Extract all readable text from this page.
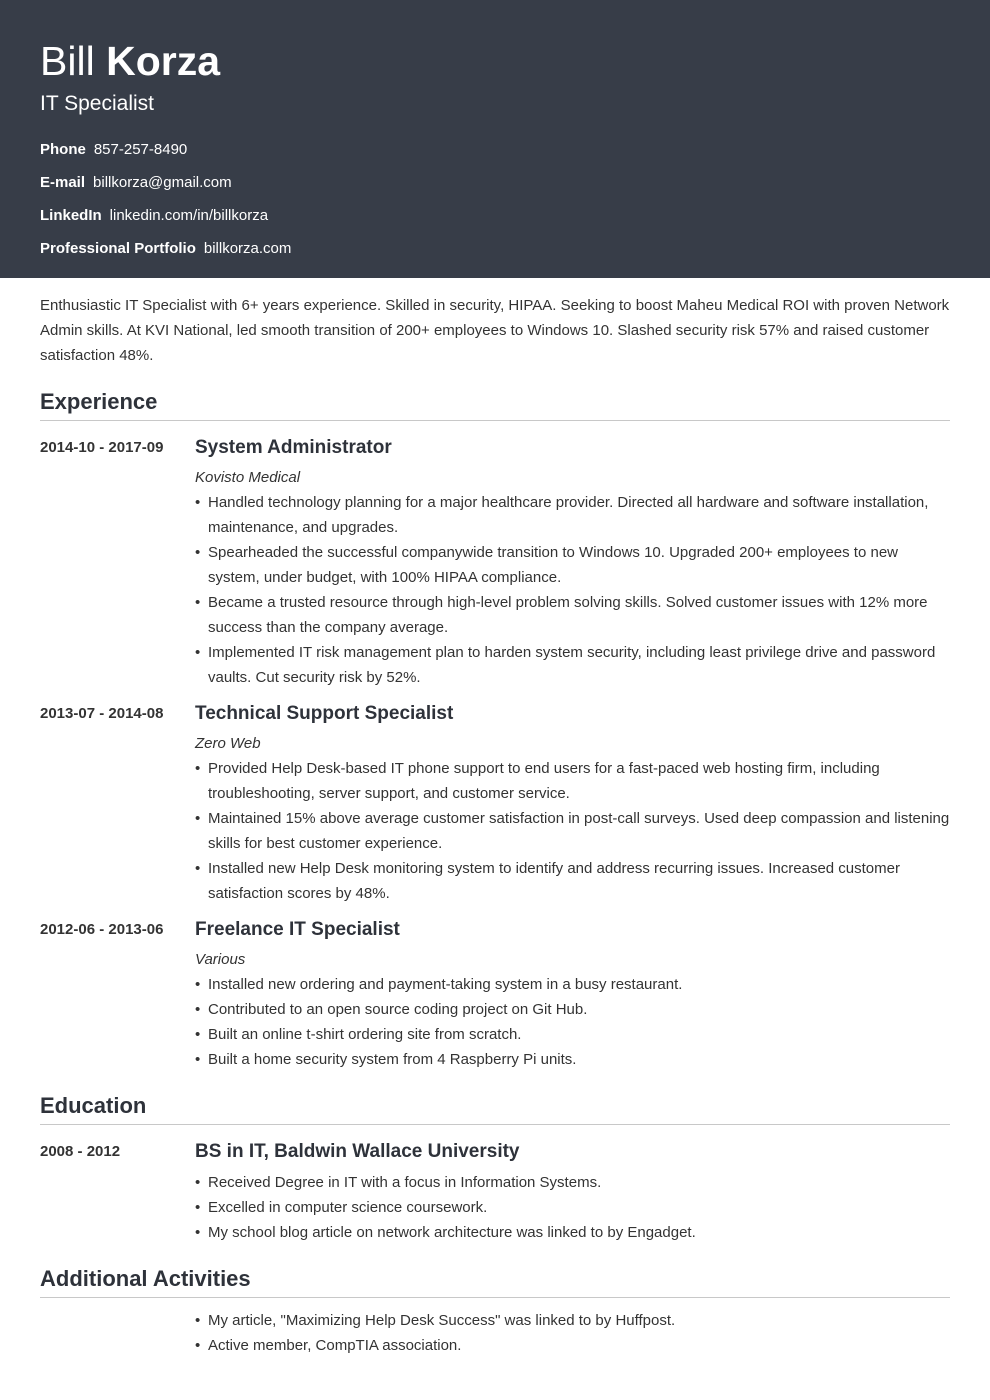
Bill Korza
IT Specialist
Phone 857-257-8490
E-mail billkorza@gmail.com
LinkedIn linkedin.com/in/billkorza
Professional Portfolio billkorza.com

Enthusiastic IT Specialist with 6+ years experience. Skilled in security, HIPAA. Seeking to boost Maheu Medical ROI with proven Network Admin skills. At KVI National, led smooth transition of 200+ employees to Windows 10. Slashed security risk 57% and raised customer satisfaction 48%.

Experience
2014-10 - 2017-09	System Administrator
Kovisto Medical
• Handled technology planning for a major healthcare provider. Directed all hardware and software installation, maintenance, and upgrades.
• Spearheaded the successful companywide transition to Windows 10. Upgraded 200+ employees to new system, under budget, with 100% HIPAA compliance.
• Became a trusted resource through high-level problem solving skills. Solved customer issues with 12% more success than the company average.
• Implemented IT risk management plan to harden system security, including least privilege drive and password vaults. Cut security risk by 52%.
2013-07 - 2014-08	Technical Support Specialist
Zero Web
• Provided Help Desk-based IT phone support to end users for a fast-paced web hosting firm, including troubleshooting, server support, and customer service.
• Maintained 15% above average customer satisfaction in post-call surveys. Used deep compassion and listening skills for best customer experience.
• Installed new Help Desk monitoring system to identify and address recurring issues. Increased customer satisfaction scores by 48%.
2012-06 - 2013-06	Freelance IT Specialist
Various
• Installed new ordering and payment-taking system in a busy restaurant.
• Contributed to an open source coding project on Git Hub.
• Built an online t-shirt ordering site from scratch.
• Built a home security system from 4 Raspberry Pi units.
Education
2008 - 2012	BS in IT, Baldwin Wallace University
• Received Degree in IT with a focus in Information Systems.
• Excelled in computer science coursework.
• My school blog article on network architecture was linked to by Engadget.
Additional Activities
• My article, "Maximizing Help Desk Success" was linked to by Huffpost.
• Active member, CompTIA association.
